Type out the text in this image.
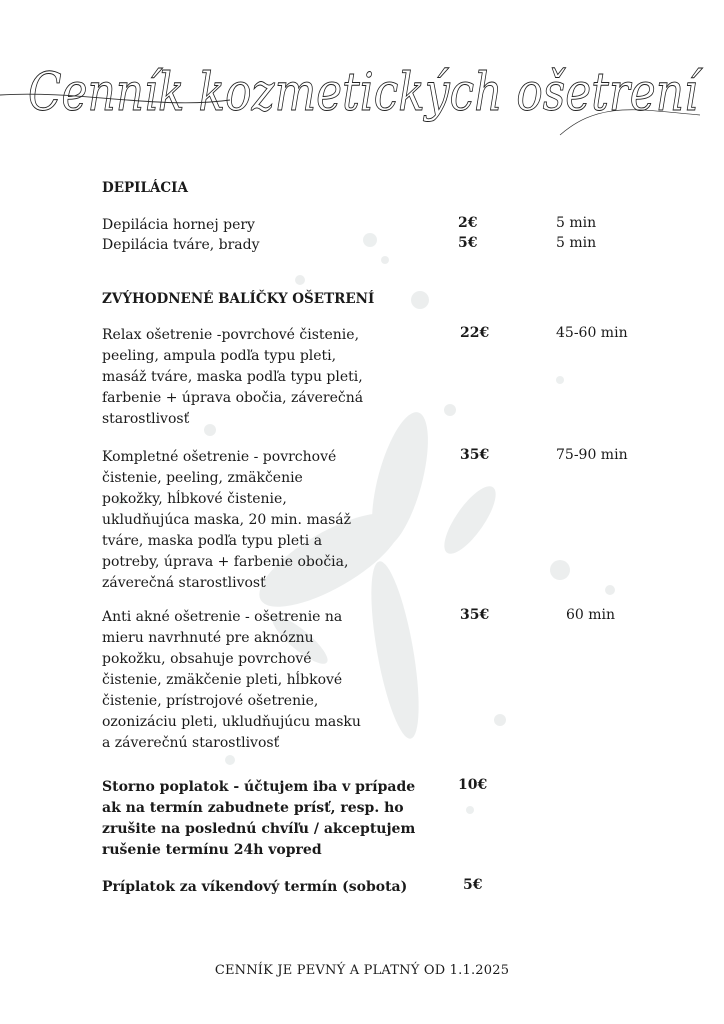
Cenník kozmetických ošetrení
DEPILÁCIA
Depilácia hornej pery	2€	5 min
Depilácia tváre, brady	5€	5 min
ZVÝHODNENÉ BALÍČKY OŠETRENÍ
Relax ošetrenie -povrchové čistenie,
peeling, ampula podľa typu pleti,
masáž tváre, maska podľa typu pleti,
farbenie + úprava obočia, záverečná
starostlivosť
22€	45-60 min
Kompletné ošetrenie - povrchové
čistenie, peeling, zmäkčenie
pokožky, hĺbkové čistenie,
ukludňujúca maska, 20 min. masáž
tváre, maska podľa typu pleti a
potreby, úprava + farbenie obočia,
záverečná starostlivosť
35€	75-90 min
Anti akné ošetrenie - ošetrenie na
mieru navrhnuté pre aknóznu
pokožku, obsahuje povrchové
čistenie, zmäkčenie pleti, hĺbkové
čistenie, prístrojové ošetrenie,
ozonizáciu pleti, ukludňujúcu masku
a záverečnú starostlivosť
35€	60 min
Storno poplatok - účtujem iba v prípade
ak na termín zabudnete prísť, resp. ho
zrušite na poslednú chvíľu / akceptujem
rušenie termínu 24h vopred
10€
Príplatok za víkendový termín (sobota)	5€
CENNÍK JE PEVNÝ A PLATNÝ OD 1.1.2025
